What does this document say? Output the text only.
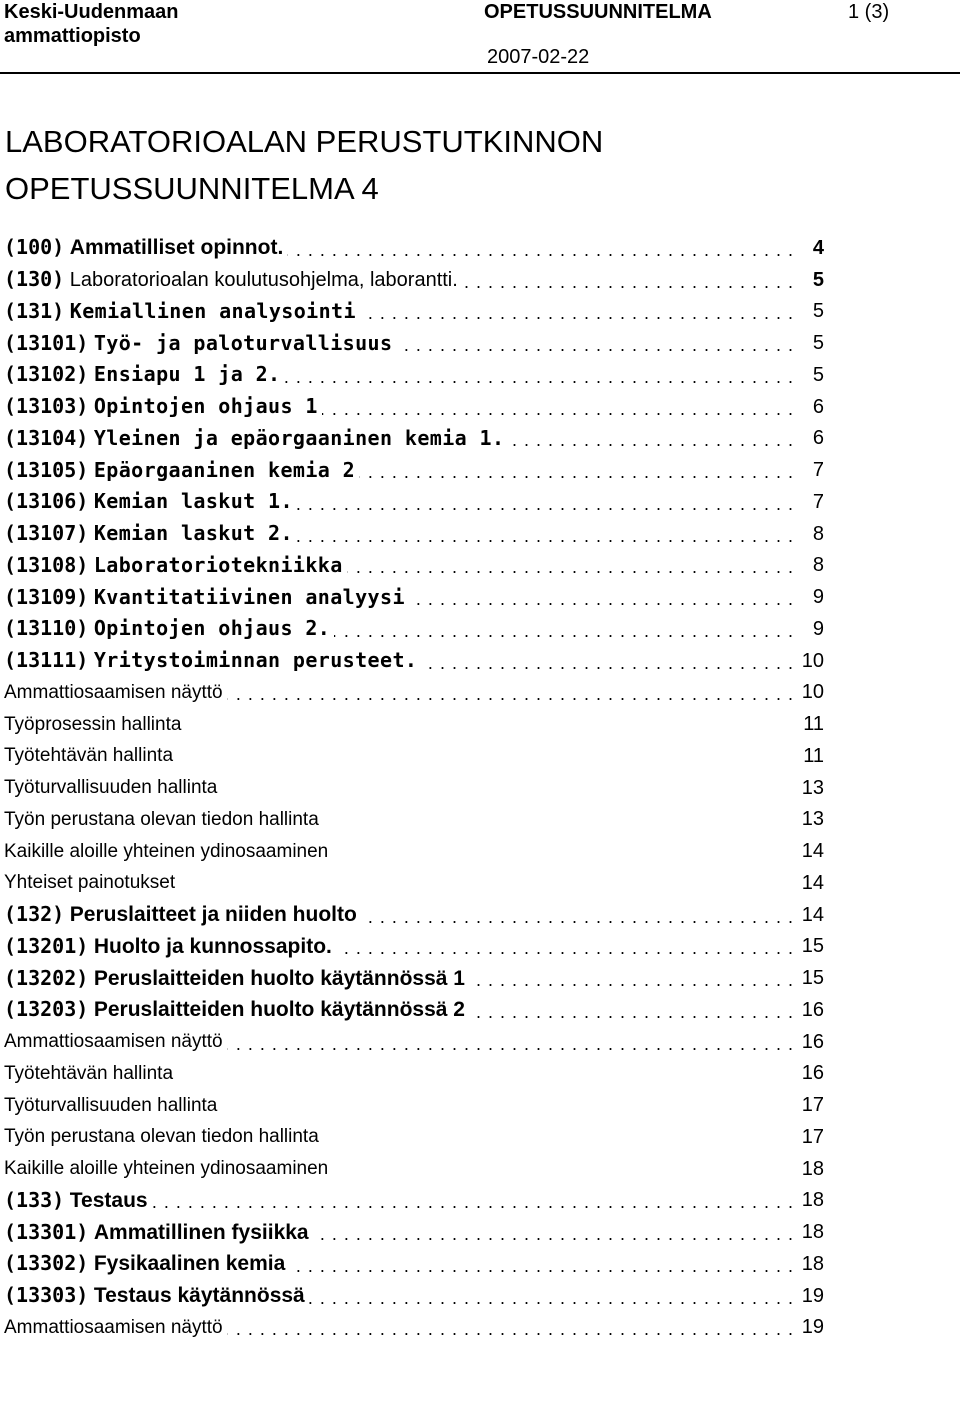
Keski-Uudenmaan
ammattiopisto
OPETUSSUUNNITELMA
2007-02-22
1 (3)
LABORATORIOALAN PERUSTUTKINNON
OPETUSSUUNNITELMA 4
(100) Ammatilliset opinnot. . . .	4
(130) Laboratorioalan koulutusohjelma, laborantti. . . .	5
(131) Kemiallinen analysointi . . .	5
(13101) Työ- ja paloturvallisuus . . .	5
(13102) Ensiapu 1 ja 2. . . .	5
(13103) Opintojen ohjaus 1 . . .	6
(13104) Yleinen ja epäorgaaninen kemia 1. . . .	6
(13105) Epäorgaaninen kemia 2 . . .	7
(13106) Kemian laskut 1. . . .	7
(13107) Kemian laskut 2. . . .	8
(13108) Laboratoriotekniikka . . .	8
(13109) Kvantitatiivinen analyysi . . .	9
(13110) Opintojen ohjaus 2. . . .	9
(13111) Yritystoiminnan perusteet. . . .	10
Ammattiosaamisen näyttö . . .	10
Työprosessin hallinta	11
Työtehtävän hallinta	11
Työturvallisuuden hallinta	13
Työn perustana olevan tiedon hallinta	13
Kaikille aloille yhteinen ydinosaaminen	14
Yhteiset painotukset	14
(132) Peruslaitteet ja niiden huolto . . .	14
(13201) Huolto ja kunnossapito. . . .	15
(13202) Peruslaitteiden huolto käytännössä 1 . . .	15
(13203) Peruslaitteiden huolto käytännössä 2 . . .	16
Ammattiosaamisen näyttö . . .	16
Työtehtävän hallinta	16
Työturvallisuuden hallinta	17
Työn perustana olevan tiedon hallinta	17
Kaikille aloille yhteinen ydinosaaminen	18
(133) Testaus . . .	18
(13301) Ammatillinen fysiikka . . .	18
(13302) Fysikaalinen kemia . . .	18
(13303) Testaus käytännössä . . .	19
Ammattiosaamisen näyttö . . .	19
